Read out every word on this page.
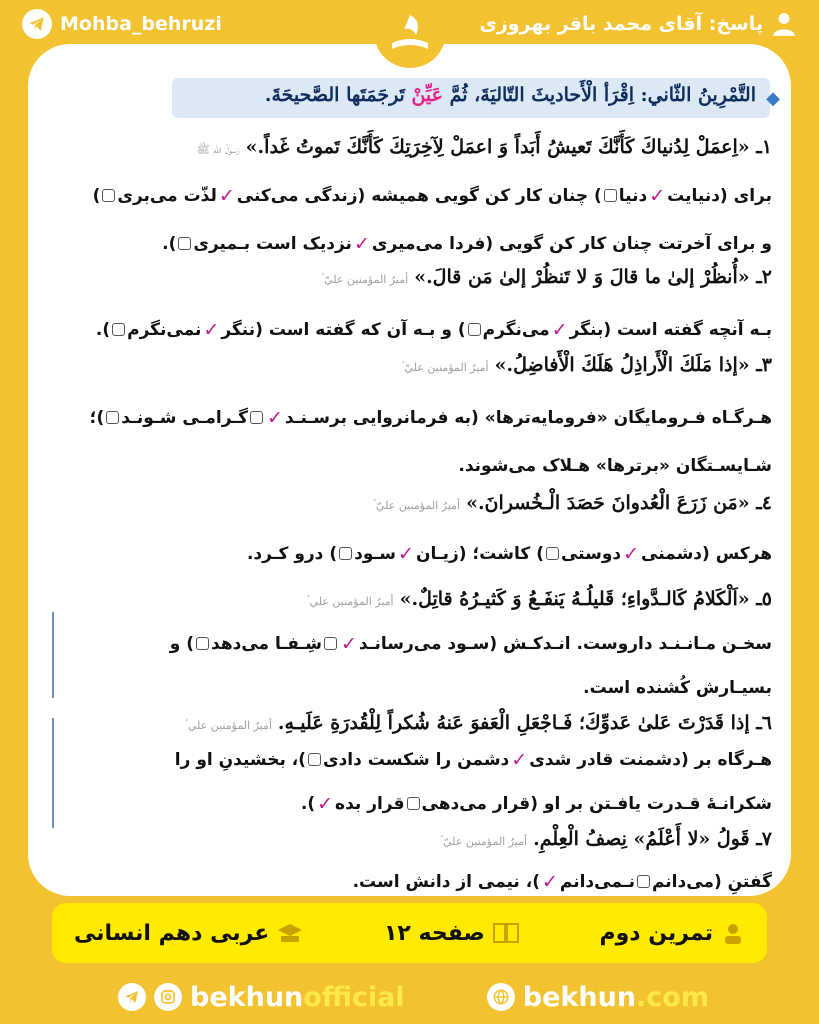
Mohba_behruzi	پاسخ: آقای محمد باقر بهروزی
◆
التَّمْرِينُ الثّاني: اِقْرَأ الْأَحاديثَ التّاليَةَ، ثُمَّ عَيِّنْ تَرجَمَتَها الصَّحيحَةَ.
۱ـ «اِعمَلْ لِدُنياكَ كَأَنَّكَ تَعيشُ أَبَداً وَ اعمَلْ لِآخِرَتِكَ كَأَنَّكَ تَموتُ غَداً.»رَسولُ اللّهِ ﷺ
برای (دنیایت✓دنیا) چنان کار کن گویی همیشه (زندگی می‌کنی✓لذّت می‌بری)
و برای آخرتت چنان کار کن گویی (فردا می‌میری✓نزدیک است بـمیری).
۲ـ «أُنظُرْ إلىٰ ما قالَ وَ لا تَنظُرْ إلىٰ مَن قالَ.»أميرُ المؤمنين عليّ ؑ
بـه آنچه گفته است (بنگر✓می‌نگرم) و بـه آن كه گفته است (ننگر✓نمی‌نگرم).
۳ـ «إذا مَلَكَ الْأَراذِلُ هَلَكَ الْأَفاضِلُ.»أميرُ المؤمنين عليّ ؑ
هـرگـاه فـرومايگان «فرومايه‌ترها» (به فرمانروايی برسـنـد✓گـرامـی شـونـد)؛
شـايسـتگان «برترها» هـلاک می‌شوند.
٤ـ «مَن زَرَعَ الْعُدوانَ حَصَدَ الْـخُسرانَ.»أميرُ المؤمنين عليّ ؑ
هرکس (دشمنی✓دوستی) کاشت؛ (زيـان✓سـود) درو کـرد.
٥ـ «اَلْكَلامُ كَالـدَّواءِ؛ قَليلُـهُ يَنفَـعُ وَ كَثيـرُهُ قاتِلٌ.»أميرُ المؤمنين علي ؑ
سخـن مـانـنـد داروست. انـدكـش (سـود می‌رسانـد✓شِـفـا می‌دهد) و
بسيـارش كُشنده است.
٦ـ إذا قَدَرْتَ عَلىٰ عَدوِّكَ؛ فَـاجْعَلِ الْعَفوَ عَنهُ شُكراً لِلْقُدرَةِ عَلَيـهِ.أميرُ المؤمنين علي ؑ
هـرگاه بر (دشمنت قادر شدی✓دشمن را شکست دادی)، بخشيدنِ او را
شكرانـهٔ قـدرت يافـتن بر او (قرار می‌دهیقرار بده✓).
۷ـ قَولُ «لا أَعْلَمُ» نِصفُ الْعِلْمِ.أميرُ المؤمنين عليّ ؑ
گفتنِ (می‌دانمنـمی‌دانم✓)، نیمی از دانش است.
تمرین دوم
صفحه ۱۲
عربی دهم انسانی
bekhunofficial	bekhun.com
